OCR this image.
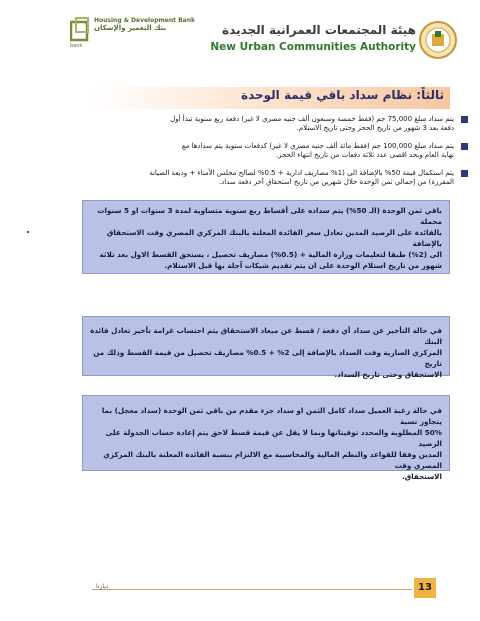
bank
Housing & Development Bank
بنك التعمير والإسكان	هيئة المجتمعات العمرانية الجديدة
New Urban Communities Authority
ثالثاً: نظام سداد باقي قيمة الوحدة

يتم سداد مبلغ 75,000 جم (فقط خمسة وسبعون ألف جنيه مصري لا غير) دفعة ربع سنوية تبدأ أول

دفعة بعد 3 شهور من تاريخ الحجز وحتى تاريخ الاستلام.

يتم سداد مبلغ 100,000 جم (فقط مائة ألف جنيه مصري لا غير) كدفعات سنوية يتم سدادها مع

نهاية العام وبحد اقصى عدد ثلاثة دفعات من تاريخ انتهاء الحجز.

يتم استكمال قيمة 50% بالإضافة الى (1% مصاريف ادارية + 0.5% لصالح مجلس الأمناء + وديعة الصيانة

المقررة) من إجمالي ثمن الوحدة خلال شهرين من تاريخ استحقاق آخر دفعة سداد.

باقي ثمن الوحدة (الـ 50%) يتم سداده على أقساط ربع سنوية متساوية لمدة 3 سنوات او 5 سنوات محملة

بالفائدة على الرصيد المدين تعادل سعر الفائدة المعلنة بالبنك المركزي المصري وقت الاستحقاق بالإضافة

الى (2%) طبقا لتعليمات وزارة المالية + (0.5%) مصاريف تحصيل ، يستحق القسط الاول بعد ثلاثة

شهور من تاريخ استلام الوحدة على ان يتم تقديم شيكات آجلة بها قبل الاستلام.

في حالة التأخير عن سداد أي دفعة / قسط عن ميعاد الاستحقاق يتم احتساب غرامة تأخير تعادل فائدة البنك

المركزي السارية وقت السداد بالإضافة إلى 2% + 0.5% مصاريف تحصيل من قيمة القسط وذلك من تاريخ

الاستحقاق وحتى تاريخ السداد.

في حالة رغبة العميل سداد كامل الثمن او سداد جزء مقدم من باقي ثمن الوحدة (سداد معجل) بما يتجاوز نسبة

50% المطلوبة والمحدد توقيتاتها وبما لا يقل عن قيمة قسط لاحق يتم إعادة حساب الجدولة على الرصيد

المدين وفقا للقواعد والنظم المالية والمحاسبية مع الالتزام بنسبة الفائدة المعلنة بالبنك المركزي المصري وقت

الاستحقاق.

ديارنا	13
